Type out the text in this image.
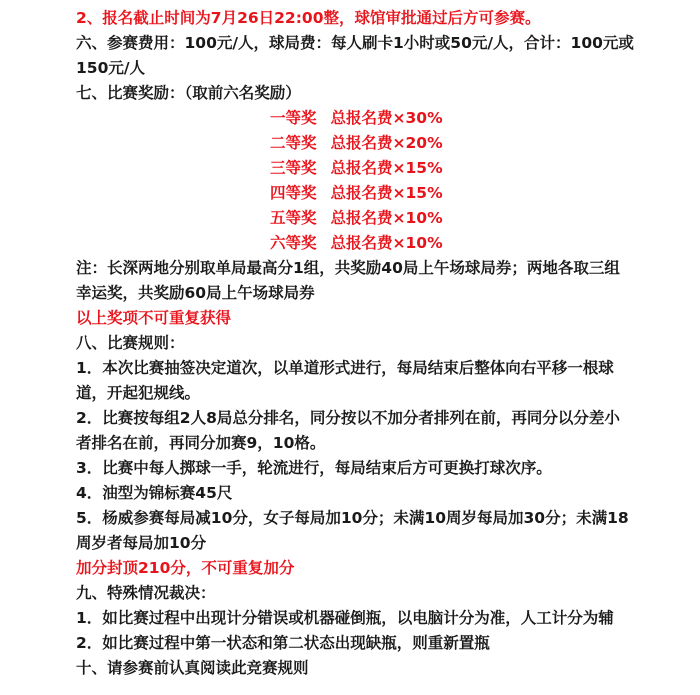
2、报名截止时间为7月26日22:00整，球馆审批通过后方可参赛。
六、参赛费用：100元/人，球局费：每人刷卡1小时或50元/人，合计：100元或
150元/人
七、比赛奖励：（取前六名奖励）
一等奖 总报名费×30%
二等奖 总报名费×20%
三等奖 总报名费×15%
四等奖 总报名费×15%
五等奖 总报名费×10%
六等奖 总报名费×10%
注：长深两地分别取单局最高分1组，共奖励40局上午场球局券；两地各取三组
幸运奖，共奖励60局上午场球局券
以上奖项不可重复获得
八、比赛规则：
1．本次比赛抽签决定道次，以单道形式进行，每局结束后整体向右平移一根球
道，开起犯规线。
2．比赛按每组2人8局总分排名，同分按以不加分者排列在前，再同分以分差小
者排名在前，再同分加赛9，10格。
3．比赛中每人掷球一手，轮流进行，每局结束后方可更换打球次序。
4．油型为锦标赛45尺
5．杨威参赛每局减10分，女子每局加10分；未满10周岁每局加30分；未满18
周岁者每局加10分
加分封顶210分，不可重复加分
九、特殊情况裁决：
1．如比赛过程中出现计分错误或机器碰倒瓶，以电脑计分为准，人工计分为辅
2．如比赛过程中第一状态和第二状态出现缺瓶，则重新置瓶
十、请参赛前认真阅读此竞赛规则
